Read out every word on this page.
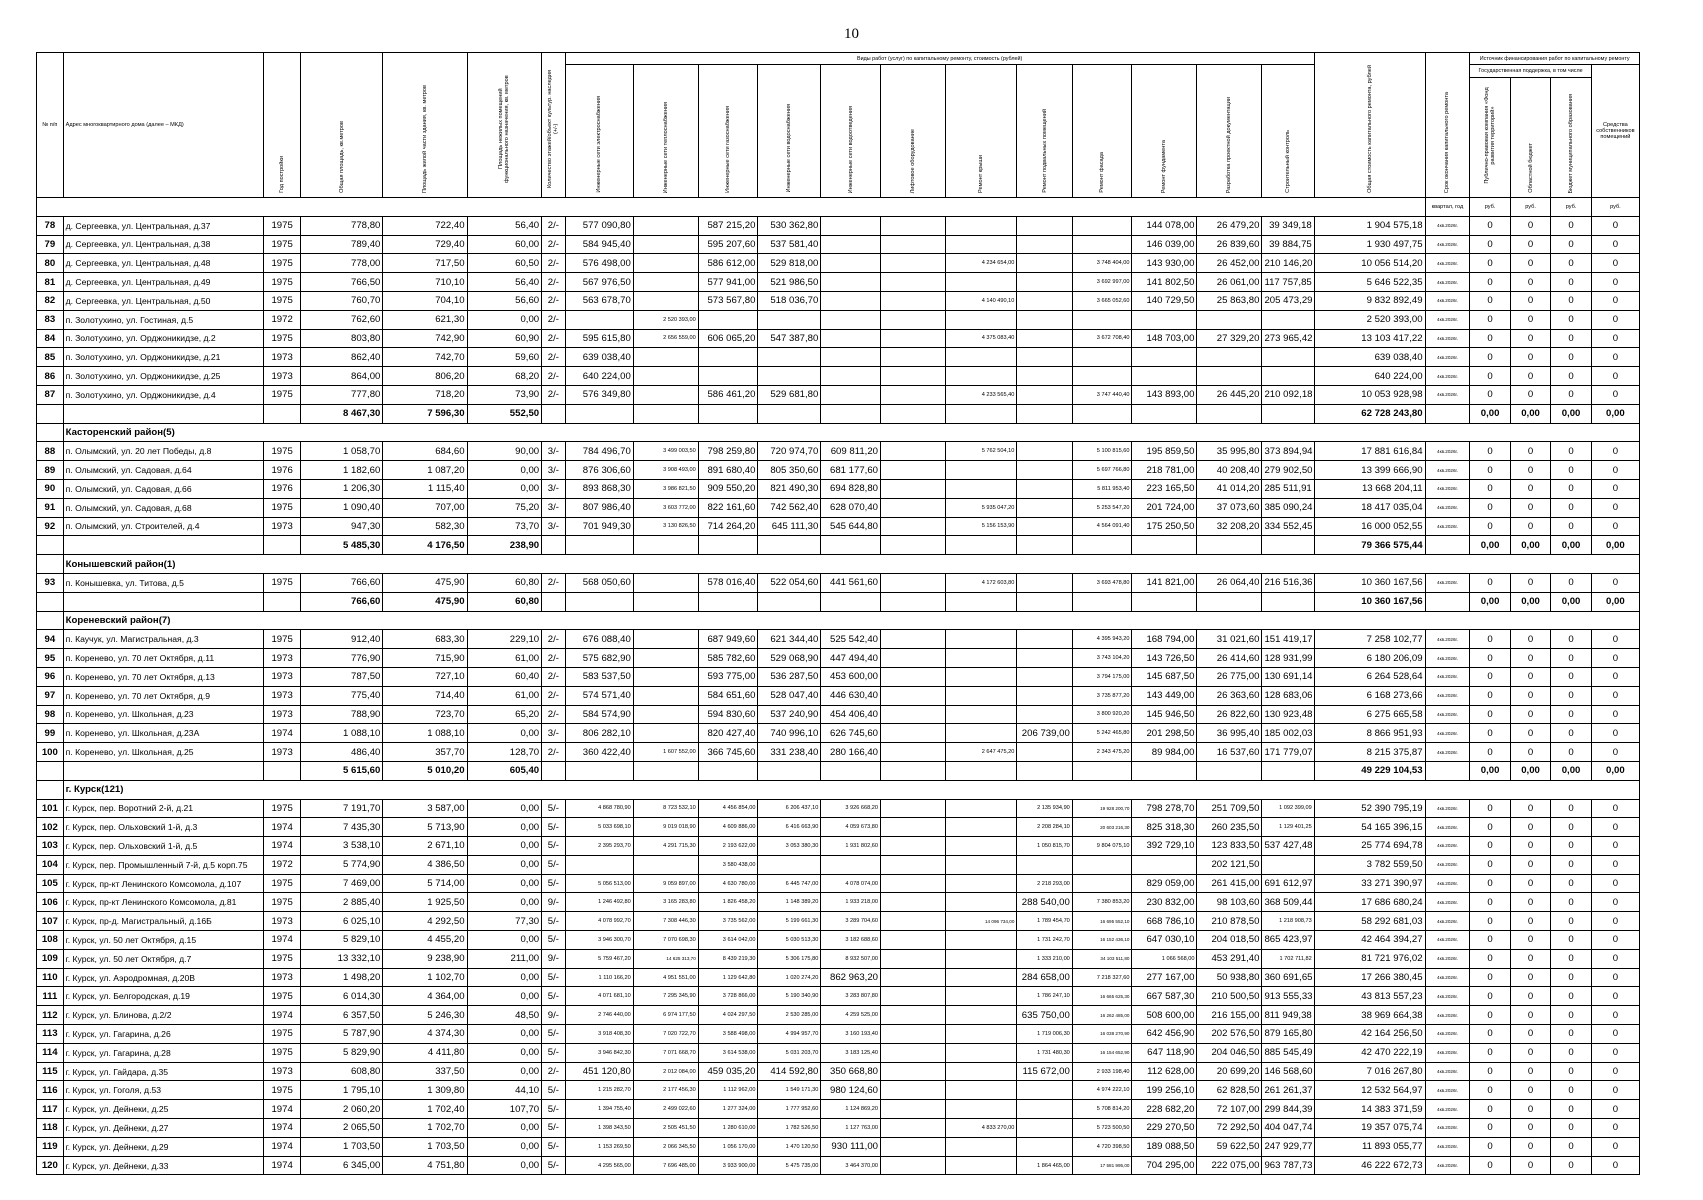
10
№ п/п	Адрес многоквартирного дома (далее – МКД)	Год постройки	Общая площадь, кв.метров	Площадь жилой части здания, кв. метров	Площадь нежилых помещений функционального назначения, кв. метров	Количество этажей/объект культур. наследия (+/-)	Виды работ (услуг) по капитальному ремонту, стоимость (рублей)												Общая стоимость капитального ремонта, рублей	Срок окончания капитального ремонта	Источник финансирования работ по капитальному ремонту			
							Инженерные сети электроснабжения	Инженерные сети теплоснабжения	Инженерные сети газоснабжения	Инженерные сети водоснабжения	Инженерные сети водоотведения	Лифтовое оборудование	Ремонт крыши	Ремонт подвальных помещений	Ремонт фасада	Ремонт фундамента	Разработка проектной документации	Строительный контроль			Государственная поддержка, в том числе			Средства собственников помещений
																					Публично-правовая компания «Фонд развития территорий»	Областной бюджет	Бюджет муниципального образования	
																				квартал, год	руб.	руб.	руб.	руб.
78	д. Сергеевка, ул. Центральная, д.37	1975	778,80	722,40	56,40	2/-	577 090,80		587 215,20	530 362,80						144 078,00	26 479,20	39 349,18	1 904 575,18	4кв.2026г.	0	0	0	0
79	д. Сергеевка, ул. Центральная, д.38	1975	789,40	729,40	60,00	2/-	584 945,40		595 207,60	537 581,40						146 039,00	26 839,60	39 884,75	1 930 497,75	4кв.2026г.	0	0	0	0
80	д. Сергеевка, ул. Центральная, д.48	1975	778,00	717,50	60,50	2/-	576 498,00		586 612,00	529 818,00			4 234 654,00		3 748 404,00	143 930,00	26 452,00	210 146,20	10 056 514,20	4кв.2026г.	0	0	0	0
81	д. Сергеевка, ул. Центральная, д.49	1975	766,50	710,10	56,40	2/-	567 976,50		577 941,00	521 986,50					3 692 997,00	141 802,50	26 061,00	117 757,85	5 646 522,35	4кв.2026г.	0	0	0	0
82	д. Сергеевка, ул. Центральная, д.50	1975	760,70	704,10	56,60	2/-	563 678,70		573 567,80	518 036,70			4 140 490,10		3 665 052,60	140 729,50	25 863,80	205 473,29	9 832 892,49	4кв.2026г.	0	0	0	0
83	п. Золотухино, ул. Гостиная, д.5	1972	762,60	621,30	0,00	2/-		2 520 393,00											2 520 393,00	4кв.2026г.	0	0	0	0
84	п. Золотухино, ул. Орджоникидзе, д.2	1975	803,80	742,90	60,90	2/-	595 615,80	2 656 559,00	606 065,20	547 387,80			4 375 083,40		3 672 708,40	148 703,00	27 329,20	273 965,42	13 103 417,22	4кв.2026г.	0	0	0	0
85	п. Золотухино, ул. Орджоникидзе, д.21	1973	862,40	742,70	59,60	2/-	639 038,40												639 038,40	4кв.2026г.	0	0	0	0
86	п. Золотухино, ул. Орджоникидзе, д.25	1973	864,00	806,20	68,20	2/-	640 224,00												640 224,00	4кв.2026г.	0	0	0	0
87	п. Золотухино, ул. Орджоникидзе, д.4	1975	777,80	718,20	73,90	2/-	576 349,80		586 461,20	529 681,80			4 233 565,40		3 747 440,40	143 893,00	26 445,20	210 092,18	10 053 928,98	4кв.2026г.	0	0	0	0
			8 467,30	7 596,30	552,50														62 728 243,80		0,00	0,00	0,00	0,00
	Касторенский район(5)																							
88	п. Олымский, ул. 20 лет Победы, д.8	1975	1 058,70	684,60	90,00	3/-	784 496,70	3 499 003,50	798 259,80	720 974,70	609 811,20		5 762 504,10		5 100 815,60	195 859,50	35 995,80	373 894,94	17 881 616,84	4кв.2026г.	0	0	0	0
89	п. Олымский, ул. Садовая, д.64	1976	1 182,60	1 087,20	0,00	3/-	876 306,60	3 908 493,00	891 680,40	805 350,60	681 177,60				5 697 766,80	218 781,00	40 208,40	279 902,50	13 399 666,90	4кв.2026г.	0	0	0	0
90	п. Олымский, ул. Садовая, д.66	1976	1 206,30	1 115,40	0,00	3/-	893 868,30	3 986 821,50	909 550,20	821 490,30	694 828,80				5 811 953,40	223 165,50	41 014,20	285 511,91	13 668 204,11	4кв.2026г.	0	0	0	0
91	п. Олымский, ул. Садовая, д.68	1975	1 090,40	707,00	75,20	3/-	807 986,40	3 603 772,00	822 161,60	742 562,40	628 070,40		5 935 047,20		5 253 547,20	201 724,00	37 073,60	385 090,24	18 417 035,04	4кв.2026г.	0	0	0	0
92	п. Олымский, ул. Строителей, д.4	1973	947,30	582,30	73,70	3/-	701 949,30	3 130 826,50	714 264,20	645 111,30	545 644,80		5 156 153,90		4 564 091,40	175 250,50	32 208,20	334 552,45	16 000 052,55	4кв.2026г.	0	0	0	0
			5 485,30	4 176,50	238,90														79 366 575,44		0,00	0,00	0,00	0,00
	Конышевский район(1)																							
93	п. Конышевка, ул. Титова, д.5	1975	766,60	475,90	60,80	2/-	568 050,60		578 016,40	522 054,60	441 561,60		4 172 603,80		3 693 478,80	141 821,00	26 064,40	216 516,36	10 360 167,56	4кв.2026г.	0	0	0	0
			766,60	475,90	60,80														10 360 167,56		0,00	0,00	0,00	0,00
	Кореневский район(7)																							
94	п. Каучук, ул. Магистральная, д.3	1975	912,40	683,30	229,10	2/-	676 088,40		687 949,60	621 344,40	525 542,40				4 395 943,20	168 794,00	31 021,60	151 419,17	7 258 102,77	4кв.2026г.	0	0	0	0
95	п. Коренево, ул. 70 лет Октября, д.11	1973	776,90	715,90	61,00	2/-	575 682,90		585 782,60	529 068,90	447 494,40				3 743 104,20	143 726,50	26 414,60	128 931,99	6 180 206,09	4кв.2026г.	0	0	0	0
96	п. Коренево, ул. 70 лет Октября, д.13	1973	787,50	727,10	60,40	2/-	583 537,50		593 775,00	536 287,50	453 600,00				3 794 175,00	145 687,50	26 775,00	130 691,14	6 264 528,64	4кв.2026г.	0	0	0	0
97	п. Коренево, ул. 70 лет Октября, д.9	1973	775,40	714,40	61,00	2/-	574 571,40		584 651,60	528 047,40	446 630,40				3 735 877,20	143 449,00	26 363,60	128 683,06	6 168 273,66	4кв.2026г.	0	0	0	0
98	п. Коренево, ул. Школьная, д.23	1973	788,90	723,70	65,20	2/-	584 574,90		594 830,60	537 240,90	454 406,40				3 800 920,20	145 946,50	26 822,60	130 923,48	6 275 665,58	4кв.2026г.	0	0	0	0
99	п. Коренево, ул. Школьная, д.23А	1974	1 088,10	1 088,10	0,00	3/-	806 282,10		820 427,40	740 996,10	626 745,60			206 739,00	5 242 465,80	201 298,50	36 995,40	185 002,03	8 866 951,93	4кв.2026г.	0	0	0	0
100	п. Коренево, ул. Школьная, д.25	1973	486,40	357,70	128,70	2/-	360 422,40	1 607 552,00	366 745,60	331 238,40	280 166,40		2 647 475,20		2 343 475,20	89 984,00	16 537,60	171 779,07	8 215 375,87	4кв.2026г.	0	0	0	0
			5 615,60	5 010,20	605,40														49 229 104,53		0,00	0,00	0,00	0,00
	г. Курск(121)																							
101	г. Курск, пер. Воротний 2-й, д.21	1975	7 191,70	3 587,00	0,00	5/-	4 868 780,90	8 723 532,10	4 456 854,00	6 206 437,10	3 926 668,20			2 135 934,90	19 928 200,70	798 278,70	251 709,50	1 092 399,09	52 390 795,19	4кв.2026г.	0	0	0	0
102	г. Курск, пер. Ольховский 1-й, д.3	1974	7 435,30	5 713,90	0,00	5/-	5 033 698,10	9 019 018,90	4 609 886,00	6 416 663,90	4 059 673,80			2 208 284,10	20 603 216,30	825 318,30	260 235,50	1 129 401,25	54 165 396,15	4кв.2026г.	0	0	0	0
103	г. Курск, пер. Ольховский 1-й, д.5	1974	3 538,10	2 671,10	0,00	5/-	2 395 293,70	4 291 715,30	2 193 622,00	3 053 380,30	1 931 802,60			1 050 815,70	9 804 075,10	392 729,10	123 833,50	537 427,48	25 774 694,78	4кв.2026г.	0	0	0	0
104	г. Курск, пер. Промышленный 7-й, д.5 корп.75	1972	5 774,90	4 386,50	0,00	5/-			3 580 438,00								202 121,50		3 782 559,50	4кв.2026г.	0	0	0	0
105	г. Курск, пр-кт Ленинского Комсомола, д.107	1975	7 469,00	5 714,00	0,00	5/-	5 056 513,00	9 059 897,00	4 630 780,00	6 445 747,00	4 078 074,00			2 218 293,00		829 059,00	261 415,00	691 612,97	33 271 390,97	4кв.2026г.	0	0	0	0
106	г. Курск, пр-кт Ленинского Комсомола, д.81	1975	2 885,40	1 925,50	0,00	9/-	1 246 492,80	3 165 283,80	1 826 458,20	1 148 389,20	1 933 218,00			288 540,00	7 380 853,20	230 832,00	98 103,60	368 509,44	17 686 680,24	4кв.2026г.	0	0	0	0
107	г. Курск, пр-д. Магистральный, д.16Б	1973	6 025,10	4 292,50	77,30	5/-	4 078 992,70	7 308 446,30	3 735 562,00	5 199 661,30	3 289 704,60		14 096 734,00	1 789 454,70	16 695 552,10	668 786,10	210 878,50	1 218 908,73	58 292 681,03	4кв.2026г.	0	0	0	0
108	г. Курск, ул. 50 лет Октября, д.15	1974	5 829,10	4 455,20	0,00	5/-	3 946 300,70	7 070 698,30	3 614 042,00	5 030 513,30	3 182 688,60			1 731 242,70	16 152 436,10	647 030,10	204 018,50	865 423,97	42 464 394,27	4кв.2026г.	0	0	0	0
109	г. Курск, ул. 50 лет Октября, д.7	1975	13 332,10	9 238,90	211,00	9/-	5 759 467,20	14 625 313,70	8 439 219,30	5 306 175,80	8 932 507,00			1 333 210,00	34 103 511,80	1 066 568,00	453 291,40	1 702 711,82	81 721 976,02	4кв.2026г.	0	0	0	0
110	г. Курск, ул. Аэродромная, д.20В	1973	1 498,20	1 102,70	0,00	5/-	1 110 166,20	4 951 551,00	1 129 642,80	1 020 274,20	862 963,20			284 658,00	7 218 327,60	277 167,00	50 938,80	360 691,65	17 266 380,45	4кв.2026г.	0	0	0	0
111	г. Курск, ул. Белгородская, д.19	1975	6 014,30	4 364,00	0,00	5/-	4 071 681,10	7 295 345,90	3 728 866,00	5 190 340,90	3 283 807,80			1 786 247,10	16 665 625,30	667 587,30	210 500,50	913 555,33	43 813 557,23	4кв.2026г.	0	0	0	0
112	г. Курск, ул. Блинова, д.2/2	1974	6 357,50	5 246,30	48,50	9/-	2 746 440,00	6 974 177,50	4 024 297,50	2 530 285,00	4 259 525,00			635 750,00	16 262 485,00	508 600,00	216 155,00	811 949,38	38 969 664,38	4кв.2026г.	0	0	0	0
113	г. Курск, ул. Гагарина, д.26	1975	5 787,90	4 374,30	0,00	5/-	3 918 408,30	7 020 722,70	3 588 498,00	4 994 957,70	3 160 193,40			1 719 006,30	16 038 270,90	642 456,90	202 576,50	879 165,80	42 164 256,50	4кв.2026г.	0	0	0	0
114	г. Курск, ул. Гагарина, д.28	1975	5 829,90	4 411,80	0,00	5/-	3 946 842,30	7 071 668,70	3 614 538,00	5 031 203,70	3 183 125,40			1 731 480,30	16 154 652,90	647 118,90	204 046,50	885 545,49	42 470 222,19	4кв.2026г.	0	0	0	0
115	г. Курск, ул. Гайдара, д.35	1973	608,80	337,50	0,00	2/-	451 120,80	2 012 084,00	459 035,20	414 592,80	350 668,80			115 672,00	2 933 198,40	112 628,00	20 699,20	146 568,60	7 016 267,80	4кв.2026г.	0	0	0	0
116	г. Курск, ул. Гоголя, д.53	1975	1 795,10	1 309,80	44,10	5/-	1 215 282,70	2 177 456,30	1 112 962,00	1 549 171,30	980 124,60				4 974 222,10	199 256,10	62 828,50	261 261,37	12 532 564,97	4кв.2026г.	0	0	0	0
117	г. Курск, ул. Дейнеки, д.25	1974	2 060,20	1 702,40	107,70	5/-	1 394 755,40	2 499 022,60	1 277 324,00	1 777 952,60	1 124 869,20				5 708 814,20	228 682,20	72 107,00	299 844,39	14 383 371,59	4кв.2026г.	0	0	0	0
118	г. Курск, ул. Дейнеки, д.27	1974	2 065,50	1 702,70	0,00	5/-	1 398 343,50	2 505 451,50	1 280 610,00	1 782 526,50	1 127 763,00		4 833 270,00		5 723 500,50	229 270,50	72 292,50	404 047,74	19 357 075,74	4кв.2026г.	0	0	0	0
119	г. Курск, ул. Дейнеки, д.29	1974	1 703,50	1 703,50	0,00	5/-	1 153 269,50	2 066 345,50	1 056 170,00	1 470 120,50	930 111,00				4 720 398,50	189 088,50	59 622,50	247 929,77	11 893 055,77	4кв.2026г.	0	0	0	0
120	г. Курск, ул. Дейнеки, д.33	1974	6 345,00	4 751,80	0,00	5/-	4 295 565,00	7 696 485,00	3 933 900,00	5 475 735,00	3 464 370,00			1 864 465,00	17 581 995,00	704 295,00	222 075,00	963 787,73	46 222 672,73	4кв.2026г.	0	0	0	0
